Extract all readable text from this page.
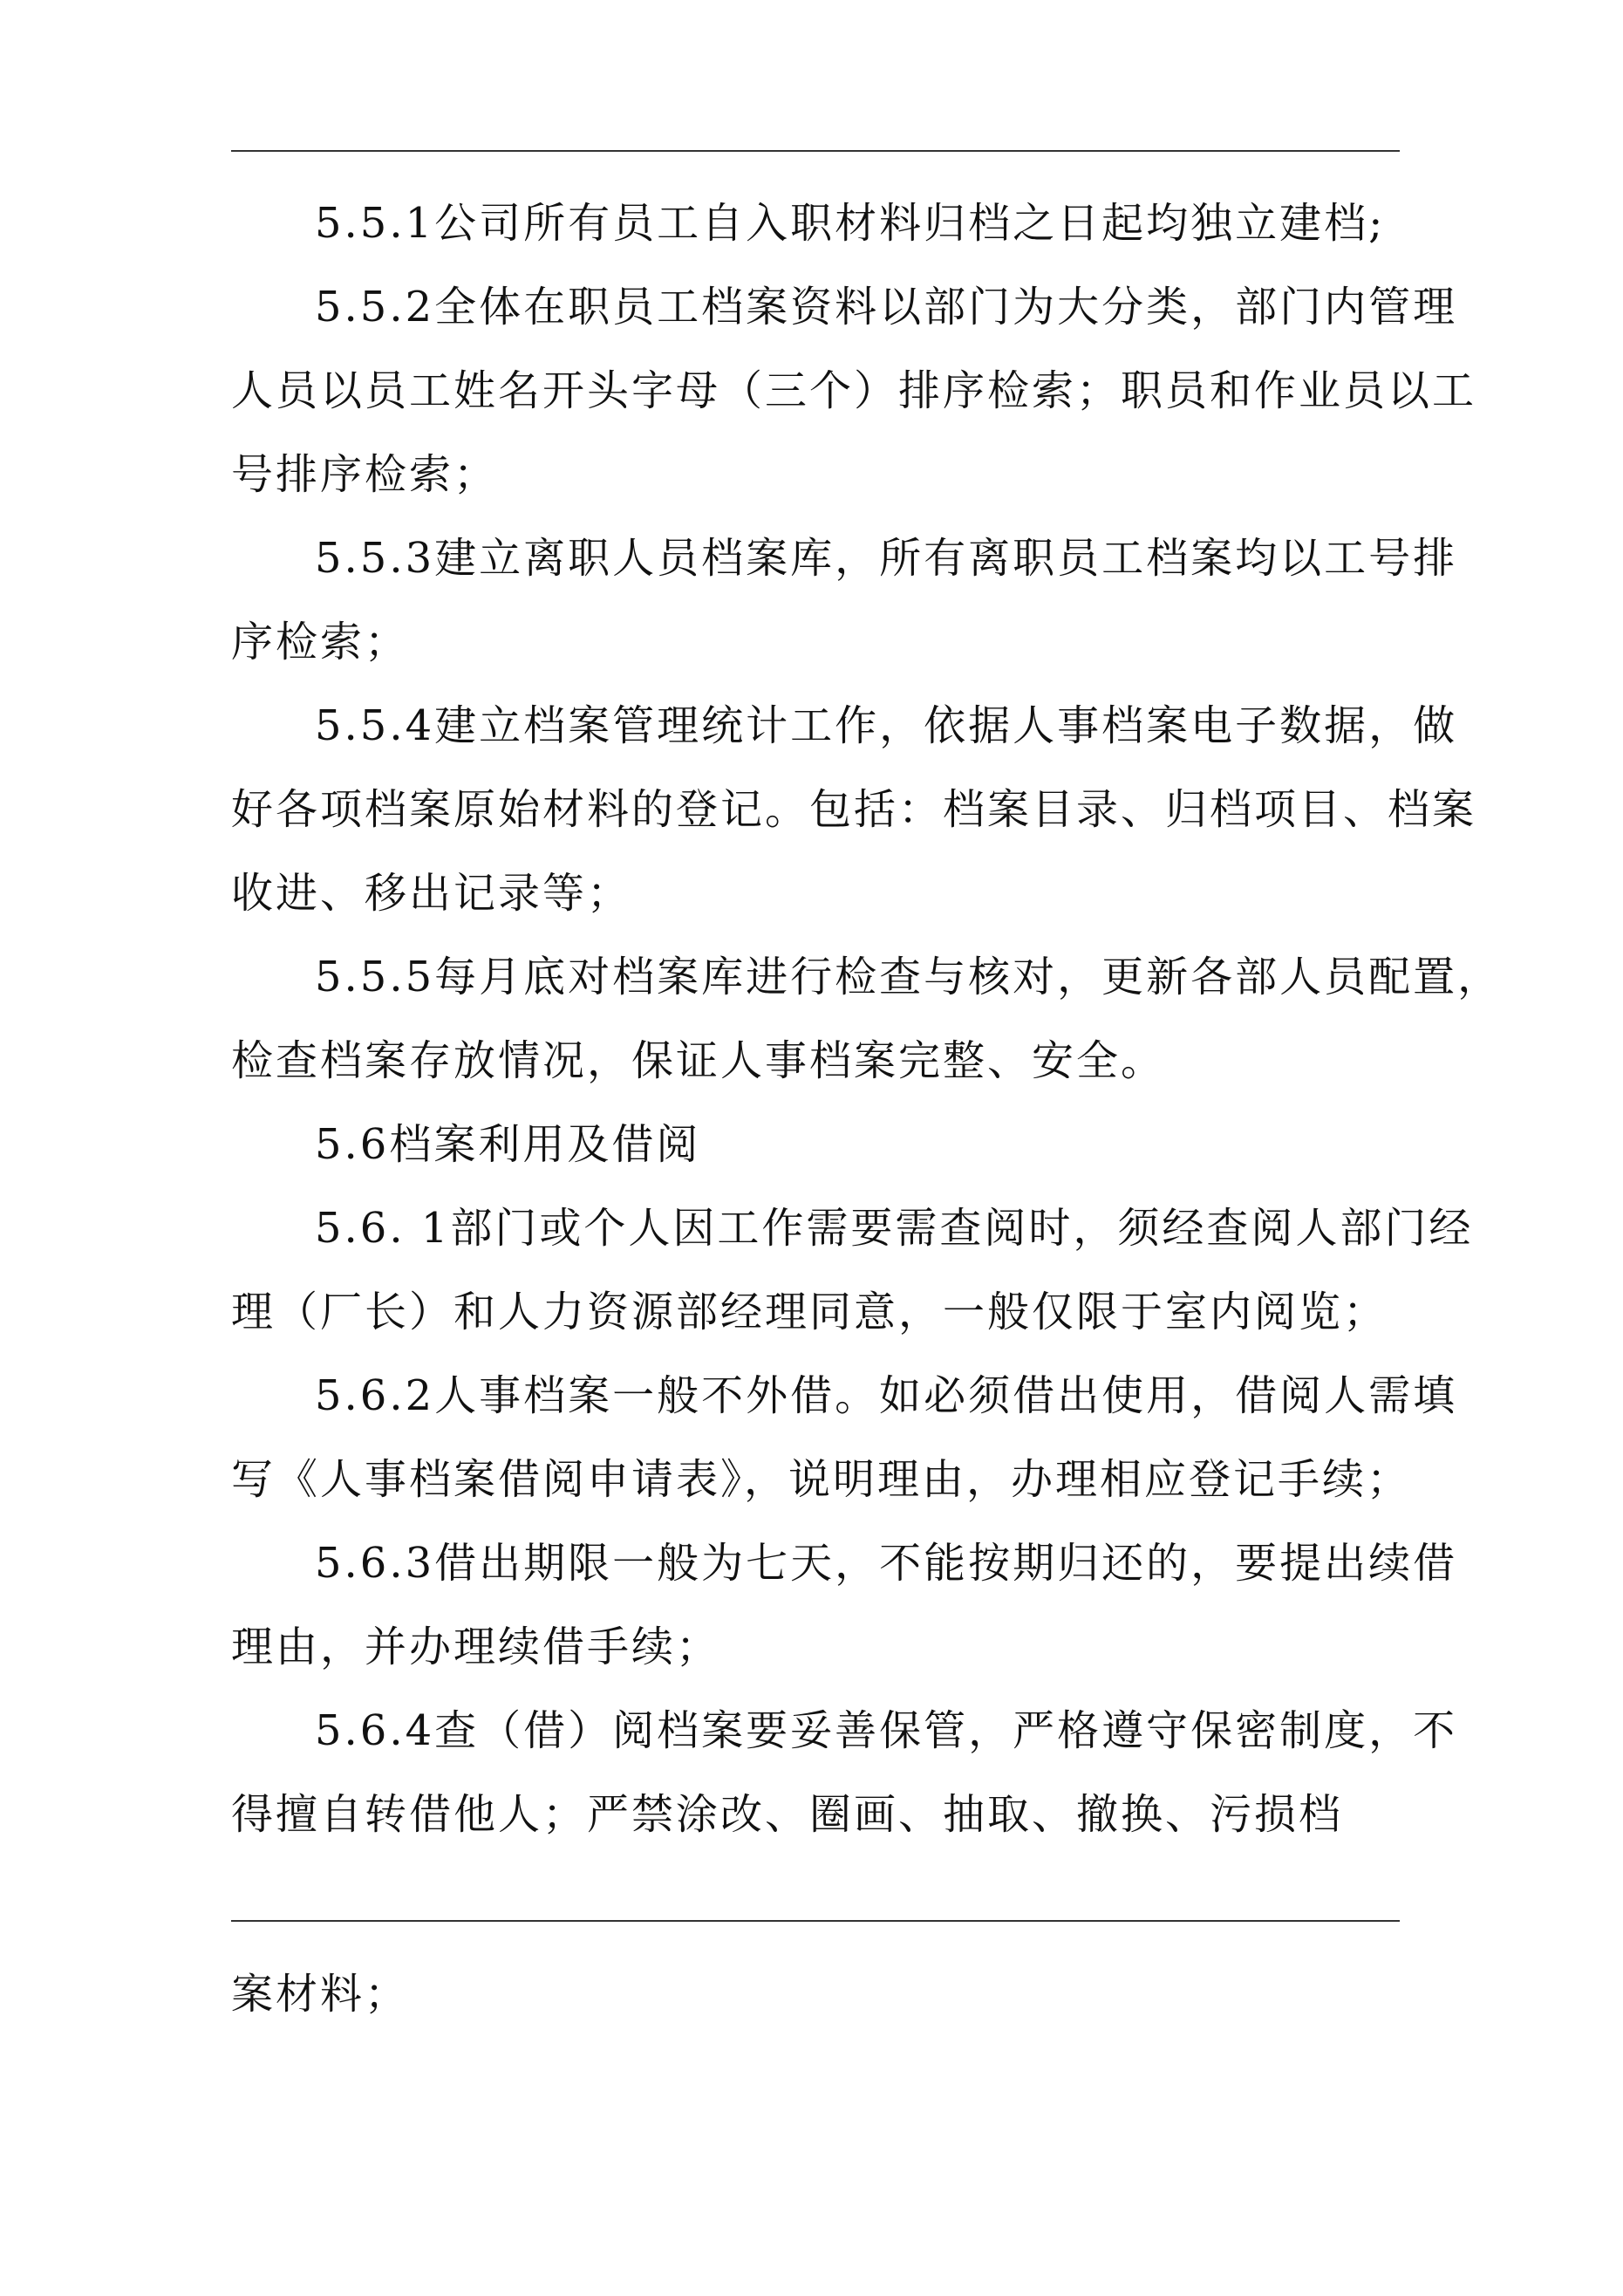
5.5.1公司所有员工自入职材料归档之日起均独立建档;

5.5.2全体在职员工档案资料以部门为大分类，部门内管理
人员以员工姓名开头字母（三个）排序检索；职员和作业员以工
号排序检索；

5.5.3建立离职人员档案库，所有离职员工档案均以工号排
序检索；

5.5.4建立档案管理统计工作，依据人事档案电子数据，做
好各项档案原始材料的登记。包括：档案目录、归档项目、档案
收进、移出记录等；

5.5.5每月底对档案库进行检查与核对，更新各部人员配置，
检查档案存放情况，保证人事档案完整、安全。

5.6档案利用及借阅

5.6. 1部门或个人因工作需要需查阅时，须经查阅人部门经
理（厂长）和人力资源部经理同意，一般仅限于室内阅览；

5.6.2人事档案一般不外借。如必须借出使用，借阅人需填
写《人事档案借阅申请表》，说明理由，办理相应登记手续；

5.6.3借出期限一般为七天，不能按期归还的，要提出续借
理由，并办理续借手续；

5.6.4查（借）阅档案要妥善保管，严格遵守保密制度，不
得擅自转借他人；严禁涂改、圈画、抽取、撤换、污损档

案材料；
